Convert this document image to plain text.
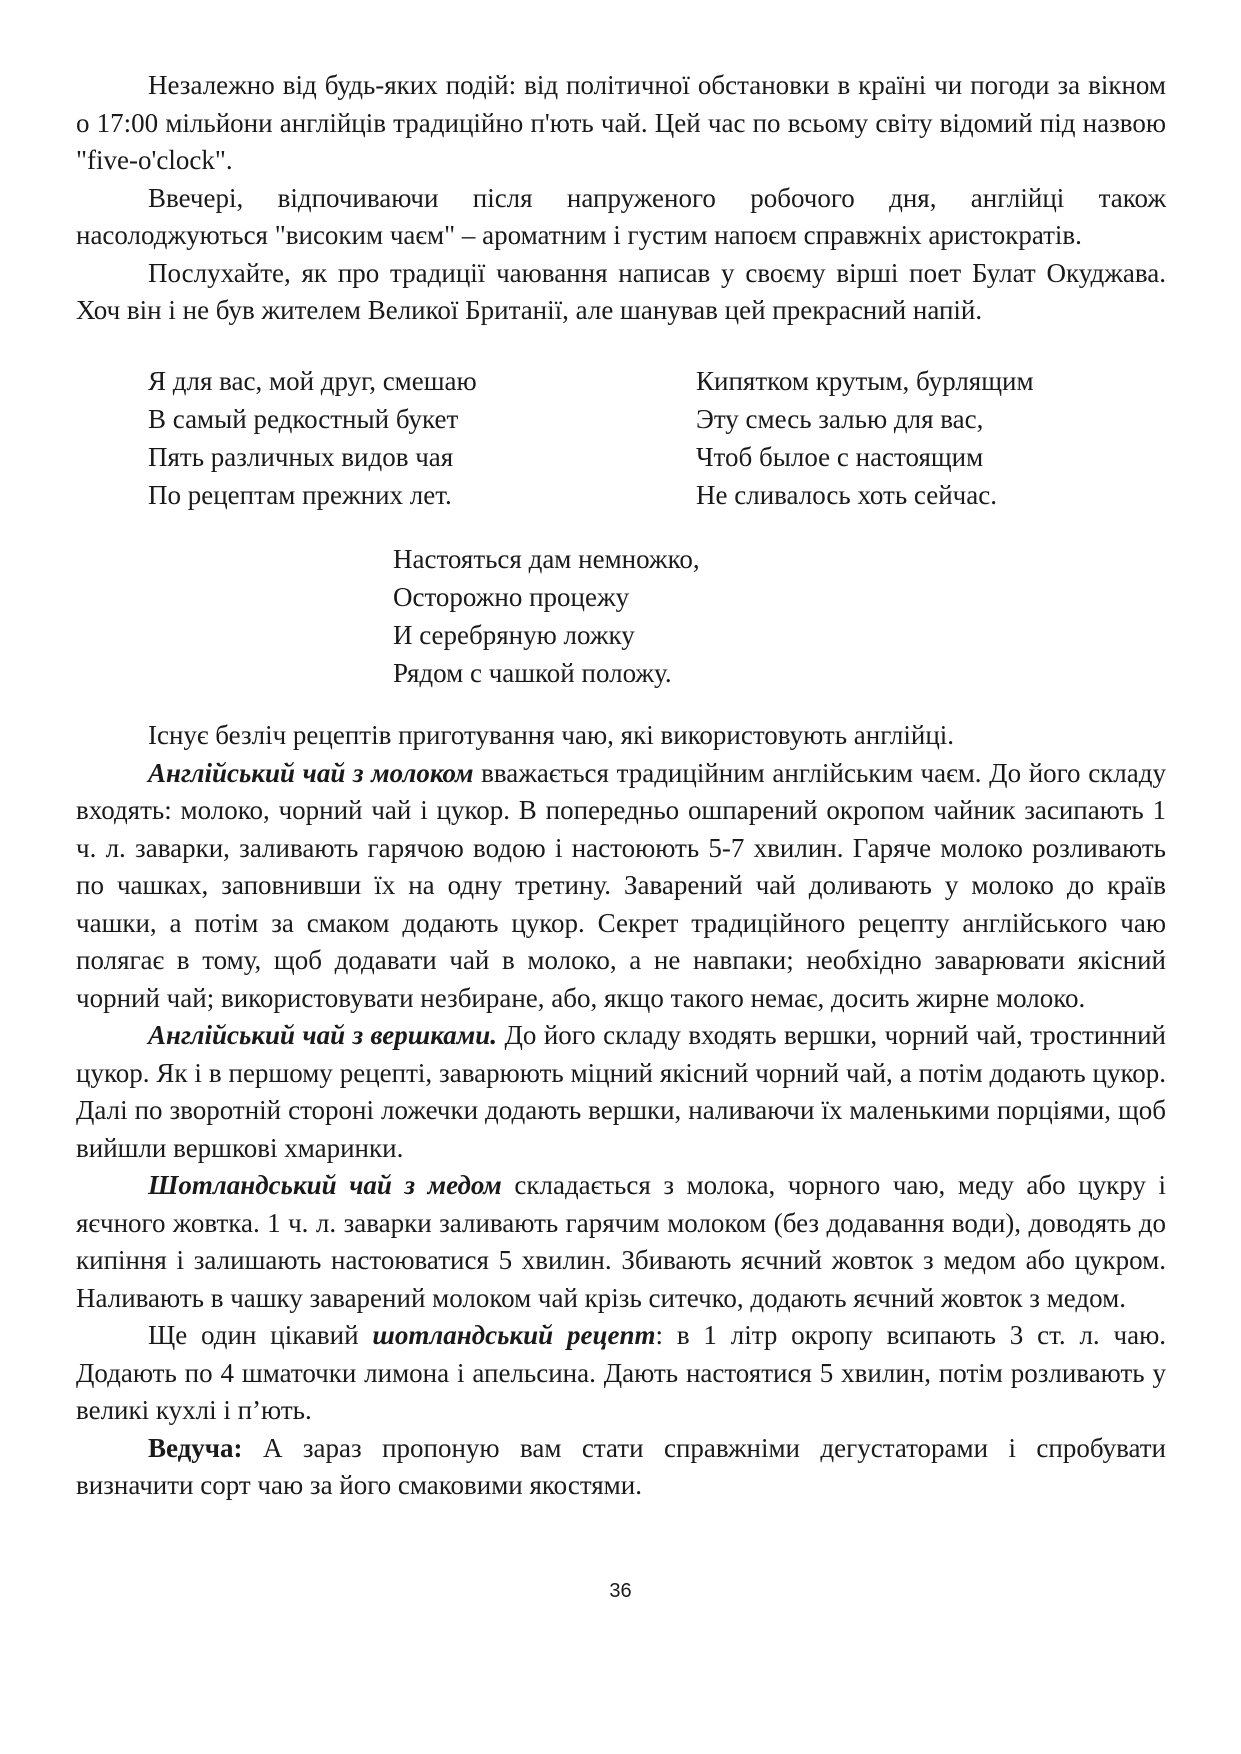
Незалежно від будь-яких подій: від політичної обстановки в країні чи погоди за вікном о 17:00 мільйони англійців традиційно п'ють чай. Цей час по всьому світу відомий під назвою "five-o'clock".

Ввечері, відпочиваючи після напруженого робочого дня, англійці також насолоджуються "високим чаєм" – ароматним і густим напоєм справжніх аристократів.

Послухайте, як про традиції чаювання написав у своєму вірші поет Булат Окуджава. Хоч він і не був жителем Великої Британії, але шанував цей прекрасний напій.

Я для вас, мой друг, смешаю
В самый редкостный букет
Пять различных видов чая
По рецептам прежних лет.
Кипятком крутым, бурлящим
Эту смесь залью для вас,
Чтоб былое с настоящим
Не сливалось хоть сейчас.
Настояться дам немножко,
Осторожно процежу
И серебряную ложку
Рядом с чашкой положу.

Існує безліч рецептів приготування чаю, які використовують англійці.

Англійський чай з молоком вважається традиційним англійським чаєм. До його складу входять: молоко, чорний чай і цукор. В попередньо ошпарений окропом чайник засипають 1 ч. л. заварки, заливають гарячою водою і настоюють 5-7 хвилин. Гаряче молоко розливають по чашках, заповнивши їх на одну третину. Заварений чай доливають у молоко до країв чашки, а потім за смаком додають цукор. Секрет традиційного рецепту англійського чаю полягає в тому, щоб додавати чай в молоко, а не навпаки; необхідно заварювати якісний чорний чай; використовувати незбиране, або, якщо такого немає, досить жирне молоко.

Англійський чай з вершками. До його складу входять вершки, чорний чай, тростинний цукор. Як і в першому рецепті, заварюють міцний якісний чорний чай, а потім додають цукор. Далі по зворотній стороні ложечки додають вершки, наливаючи їх маленькими порціями, щоб вийшли вершкові хмаринки.

Шотландський чай з медом складається з молока, чорного чаю, меду або цукру і яєчного жовтка. 1 ч. л. заварки заливають гарячим молоком (без додавання води), доводять до кипіння і залишають настоюватися 5 хвилин. Збивають яєчний жовток з медом або цукром. Наливають в чашку заварений молоком чай крізь ситечко, додають яєчний жовток з медом.

Ще один цікавий шотландський рецепт: в 1 літр окропу всипають 3 ст. л. чаю. Додають по 4 шматочки лимона і апельсина. Дають настоятися 5 хвилин, потім розливають у великі кухлі і п’ють.

Ведуча: А зараз пропоную вам стати справжніми дегустаторами і спробувати визначити сорт чаю за його смаковими якостями.

36
